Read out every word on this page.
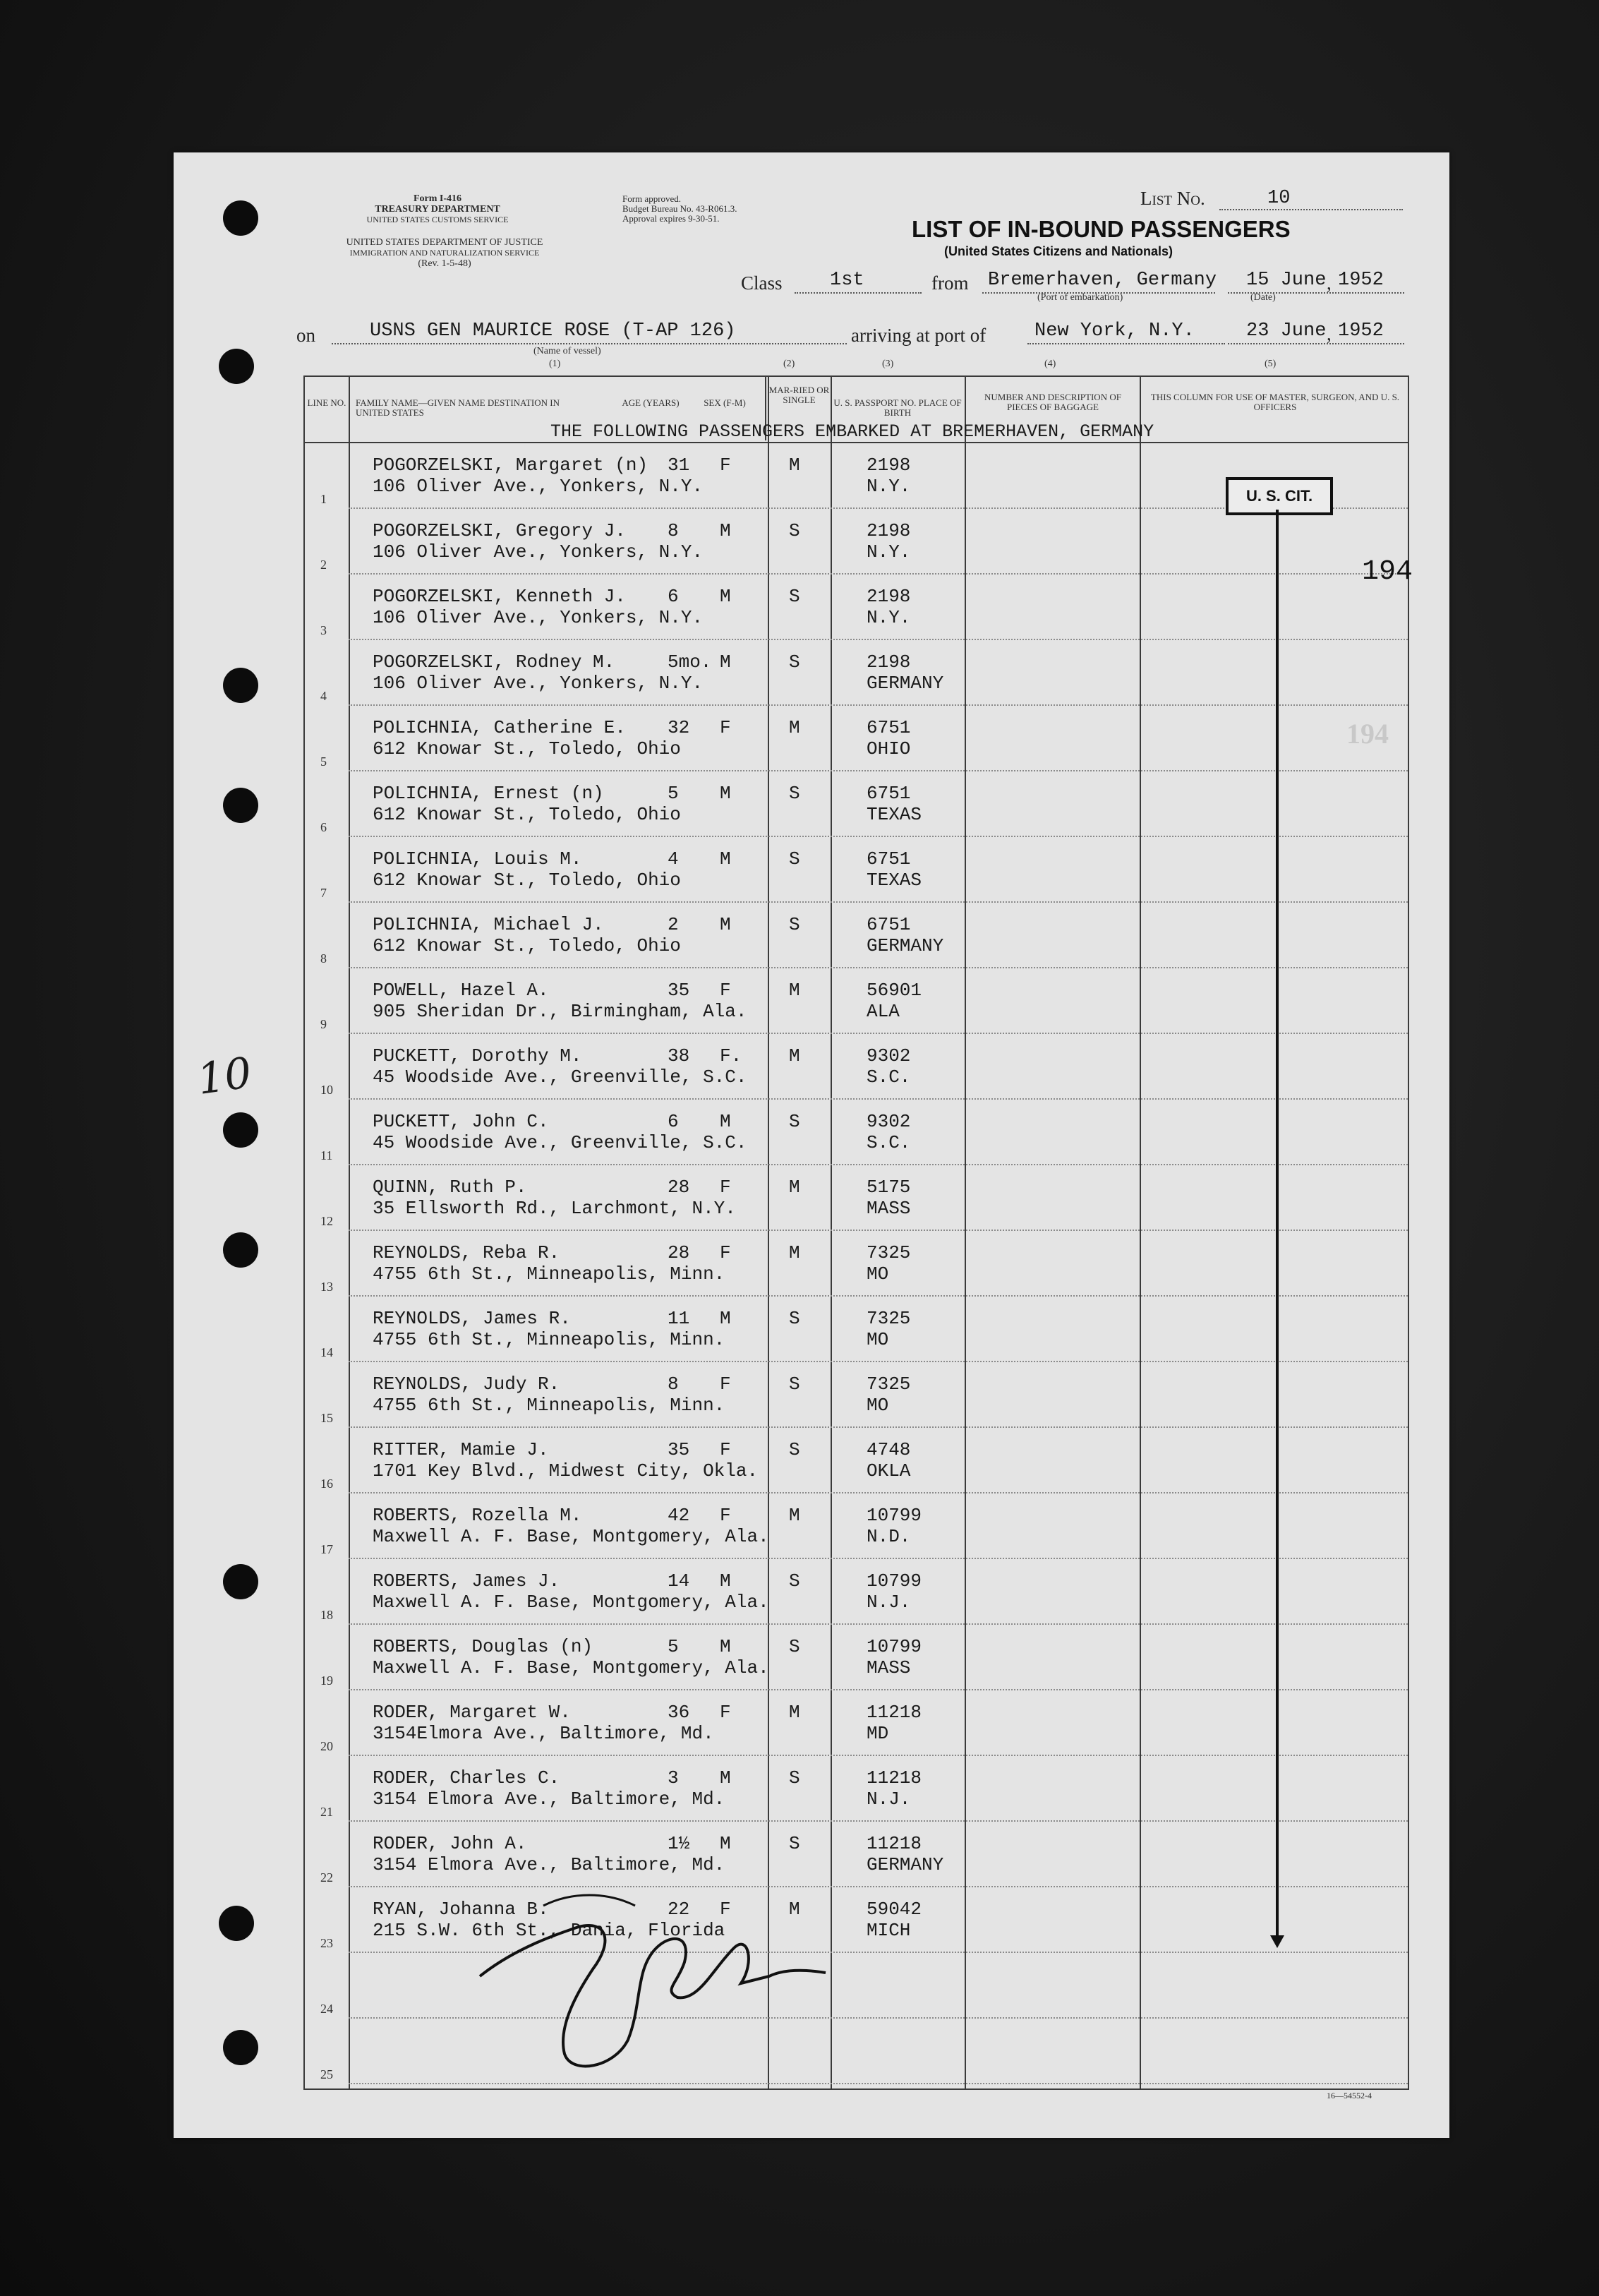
Form I-416
TREASURY DEPARTMENT
UNITED STATES CUSTOMS SERVICE
UNITED STATES DEPARTMENT OF JUSTICE
IMMIGRATION AND NATURALIZATION SERVICE
(Rev. 1-5-48)
Form approved.
Budget Bureau No. 43-R061.3.
Approval expires 9-30-51.
List No.	10
LIST OF IN-BOUND PASSENGERS
(United States Citizens and Nationals)
Class 1st	from Bremerhaven, Germany
(Port of embarkation)
15 June , 1952
(Date)
on	USNS GEN MAURICE ROSE (T-AP 126)
(Name of vessel)
arriving at port of	New York, N.Y.	23 June , 1952
(1)	(2)	(3)	(4)	(5)
LINE NO. FAMILY NAME—GIVEN NAME DESTINATION IN UNITED STATES
AGE (YEARS)	SEX (F-M)
MAR-RIED OR SINGLE	U. S. PASSPORT NO. PLACE OF BIRTH
NUMBER AND DESCRIPTION OF PIECES OF BAGGAGE
THIS COLUMN FOR USE OF MASTER, SURGEON, AND U. S. OFFICERS
THE FOLLOWING PASSENGERS EMBARKED AT BREMERHAVEN, GERMANY
1
POGORZELSKI, Margaret (n)
106 Oliver Ave., Yonkers, N.Y.
31 F	M	2198
N.Y.
2
POGORZELSKI, Gregory J.
106 Oliver Ave., Yonkers, N.Y.
8 M	S	2198
N.Y.
3
POGORZELSKI, Kenneth J.
106 Oliver Ave., Yonkers, N.Y.
6 M	S	2198
N.Y.
4
POGORZELSKI, Rodney M.
106 Oliver Ave., Yonkers, N.Y.
5mo. M	S	2198
GERMANY
5
POLICHNIA, Catherine E.
612 Knowar St., Toledo, Ohio
32 F	M	6751
OHIO
6
POLICHNIA, Ernest (n)
612 Knowar St., Toledo, Ohio
5 M	S	6751
TEXAS
7
POLICHNIA, Louis M.
612 Knowar St., Toledo, Ohio
4 M	S	6751
TEXAS
8
POLICHNIA, Michael J.
612 Knowar St., Toledo, Ohio
2 M	S	6751
GERMANY
9
POWELL, Hazel A.
905 Sheridan Dr., Birmingham, Ala.
35 F	M	56901
ALA
10
PUCKETT, Dorothy M.
45 Woodside Ave., Greenville, S.C.
38 F.	M	9302
S.C.
11
PUCKETT, John C.
45 Woodside Ave., Greenville, S.C.
6 M	S	9302
S.C.
12
QUINN, Ruth P.
35 Ellsworth Rd., Larchmont, N.Y.
28 F	M	5175
MASS
13
REYNOLDS, Reba R.
4755 6th St., Minneapolis, Minn.
28 F	M	7325
MO
14
REYNOLDS, James R.
4755 6th St., Minneapolis, Minn.
11 M	S	7325
MO
15
REYNOLDS, Judy R.
4755 6th St., Minneapolis, Minn.
8 F	S	7325
MO
16
RITTER, Mamie J.
1701 Key Blvd., Midwest City, Okla.
35 F	S	4748
OKLA
17
ROBERTS, Rozella M.
Maxwell A. F. Base, Montgomery, Ala.
42 F	M	10799
N.D.
18
ROBERTS, James J.
Maxwell A. F. Base, Montgomery, Ala.
14 M	S	10799
N.J.
19
ROBERTS, Douglas (n)
Maxwell A. F. Base, Montgomery, Ala.
5 M	S	10799
MASS
20
RODER, Margaret W.
3154Elmora Ave., Baltimore, Md.
36 F	M	11218
MD
21
RODER, Charles C.
3154 Elmora Ave., Baltimore, Md.
3 M	S	11218
N.J.
22
RODER, John A.
3154 Elmora Ave., Baltimore, Md.
1½ M	S	11218
GERMANY
23
RYAN, Johanna B.
215 S.W. 6th St., Dania, Florida
22 F	M	59042
MICH
24
25
U. S. CIT.
194
194
10
16—54552-4
